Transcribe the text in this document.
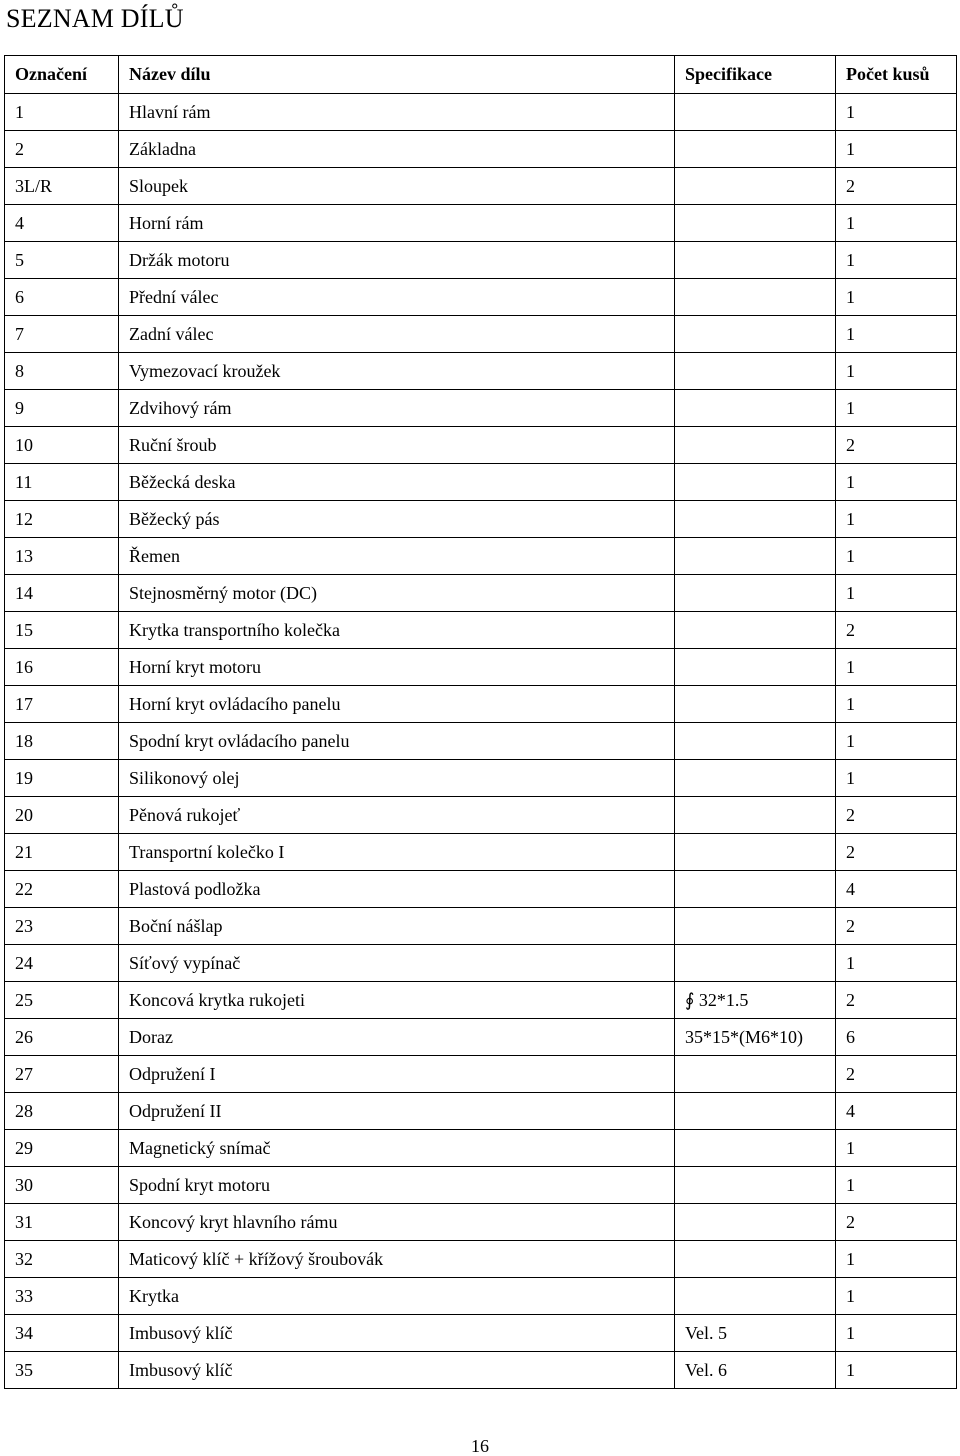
SEZNAM DÍLŮ
Označení	Název dílu	Specifikace	Počet kusů
1	Hlavní rám		1
2	Základna		1
3L/R	Sloupek		2
4	Horní rám		1
5	Držák motoru		1
6	Přední válec		1
7	Zadní válec		1
8	Vymezovací kroužek		1
9	Zdvihový rám		1
10	Ruční šroub		2
11	Běžecká deska		1
12	Běžecký pás		1
13	Řemen		1
14	Stejnosměrný motor (DC)		1
15	Krytka transportního kolečka		2
16	Horní kryt motoru		1
17	Horní kryt ovládacího panelu		1
18	Spodní kryt ovládacího panelu		1
19	Silikonový olej		1
20	Pěnová rukojeť		2
21	Transportní kolečko I		2
22	Plastová podložka		4
23	Boční nášlap		2
24	Síťový vypínač		1
25	Koncová krytka rukojeti	∮ 32*1.5	2
26	Doraz	35*15*(M6*10)	6
27	Odpružení I		2
28	Odpružení II		4
29	Magnetický snímač		1
30	Spodní kryt motoru		1
31	Koncový kryt hlavního rámu		2
32	Maticový klíč + křížový šroubovák		1
33	Krytka		1
34	Imbusový klíč	Vel. 5	1
35	Imbusový klíč	Vel. 6	1
16
